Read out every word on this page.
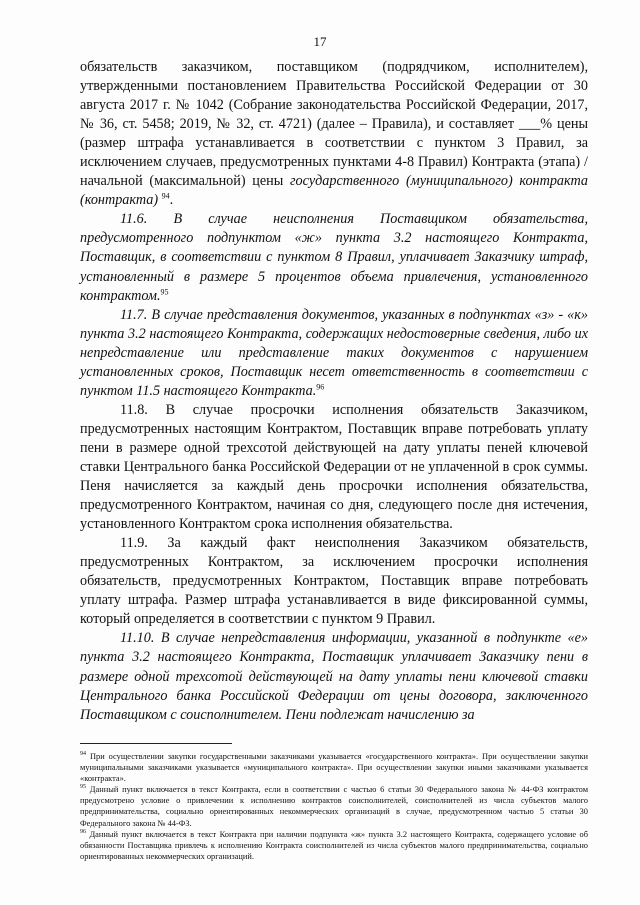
17

обязательств заказчиком, поставщиком (подрядчиком, исполнителем), утвержденными постановлением Правительства Российской Федерации от 30 августа 2017 г. № 1042 (Собрание законодательства Российской Федерации, 2017, № 36, ст. 5458; 2019, № 32, ст. 4721) (далее – Правила), и составляет ___% цены (размер штрафа устанавливается в соответствии с пунктом 3 Правил, за исключением случаев, предусмотренных пунктами 4-8 Правил) Контракта (этапа) /начальной (максимальной) цены государственного (муниципального) контракта (контракта) $^{94}$.

11.6. В случае неисполнения Поставщиком обязательства, предусмотренного подпунктом «ж» пункта 3.2 настоящего Контракта, Поставщик, в соответствии с пунктом 8 Правил, уплачивает Заказчику штраф, установленный в размере 5 процентов объема привлечения, установленного контрактом.$^{95}$

11.7. В случае представления документов, указанных в подпунктах «з» - «к» пункта 3.2 настоящего Контракта, содержащих недостоверные сведения, либо их непредставление или представление таких документов с нарушением установленных сроков, Поставщик несет ответственность в соответствии с пунктом 11.5 настоящего Контракта.$^{96}$

11.8. В случае просрочки исполнения обязательств Заказчиком, предусмотренных настоящим Контрактом, Поставщик вправе потребовать уплату пени в размере одной трехсотой действующей на дату уплаты пеней ключевой ставки Центрального банка Российской Федерации от не уплаченной в срок суммы. Пеня начисляется за каждый день просрочки исполнения обязательства, предусмотренного Контрактом, начиная со дня, следующего после дня истечения, установленного Контрактом срока исполнения обязательства.

11.9. За каждый факт неисполнения Заказчиком обязательств, предусмотренных Контрактом, за исключением просрочки исполнения обязательств, предусмотренных Контрактом, Поставщик вправе потребовать уплату штрафа. Размер штрафа устанавливается в виде фиксированной суммы, который определяется в соответствии с пунктом 9 Правил.

11.10. В случае непредставления информации, указанной в подпункте «е» пункта 3.2 настоящего Контракта, Поставщик уплачивает Заказчику пени в размере одной трехсотой действующей на дату уплаты пени ключевой ставки Центрального банка Российской Федерации от цены договора, заключенного Поставщиком с соисполнителем. Пени подлежат начислению за

$^{94}$ При осуществлении закупки государственными заказчиками указывается «государственного контракта». При осуществлении закупки муниципальными заказчиками указывается «муниципального контракта». При осуществлении закупки иными заказчиками указывается «контракта».

$^{95}$ Данный пункт включается в текст Контракта, если в соответствии с частью 6 статьи 30 Федерального закона № 44-ФЗ контрактом предусмотрено условие о привлечении к исполнению контрактов соисполнителей, соисполнителей из числа субъектов малого предпринимательства, социально ориентированных некоммерческих организаций в случае, предусмотренном частью 5 статьи 30 Федерального закона № 44-ФЗ.

$^{96}$ Данный пункт включается в текст Контракта при наличии подпункта «ж» пункта 3.2 настоящего Контракта, содержащего условие об обязанности Поставщика привлечь к исполнению Контракта соисполнителей из числа субъектов малого предпринимательства, социально ориентированных некоммерческих организаций.
